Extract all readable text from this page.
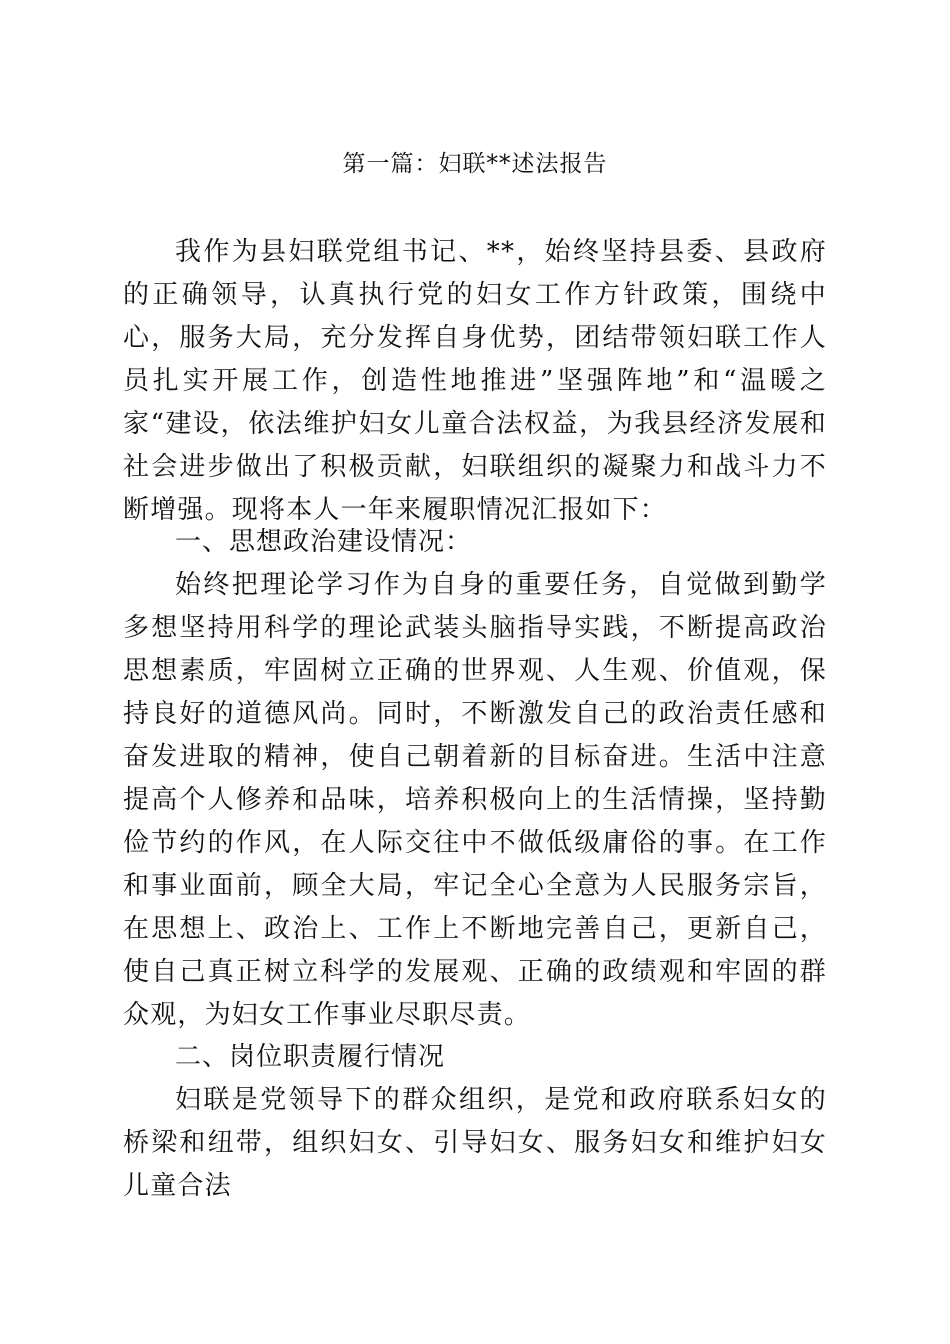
第一篇：妇联**述法报告

我作为县妇联党组书记、**，始终坚持县委、县政府的正确领导，认真执行党的妇女工作方针政策，围绕中心，服务大局，充分发挥自身优势，团结带领妇联工作人员扎实开展工作，创造性地推进”坚强阵地”和“温暖之家“建设，依法维护妇女儿童合法权益，为我县经济发展和社会进步做出了积极贡献，妇联组织的凝聚力和战斗力不断增强。现将本人一年来履职情况汇报如下：

一、思想政治建设情况：

始终把理论学习作为自身的重要任务，自觉做到勤学多想坚持用科学的理论武装头脑指导实践，不断提高政治思想素质，牢固树立正确的世界观、人生观、价值观，保持良好的道德风尚。同时，不断激发自己的政治责任感和奋发进取的精神，使自己朝着新的目标奋进。生活中注意提高个人修养和品味，培养积极向上的生活情操，坚持勤俭节约的作风，在人际交往中不做低级庸俗的事。在工作和事业面前，顾全大局，牢记全心全意为人民服务宗旨，在思想上、政治上、工作上不断地完善自己，更新自己，使自己真正树立科学的发展观、正确的政绩观和牢固的群众观，为妇女工作事业尽职尽责。

二、岗位职责履行情况

妇联是党领导下的群众组织，是党和政府联系妇女的桥梁和纽带，组织妇女、引导妇女、服务妇女和维护妇女儿童合法
